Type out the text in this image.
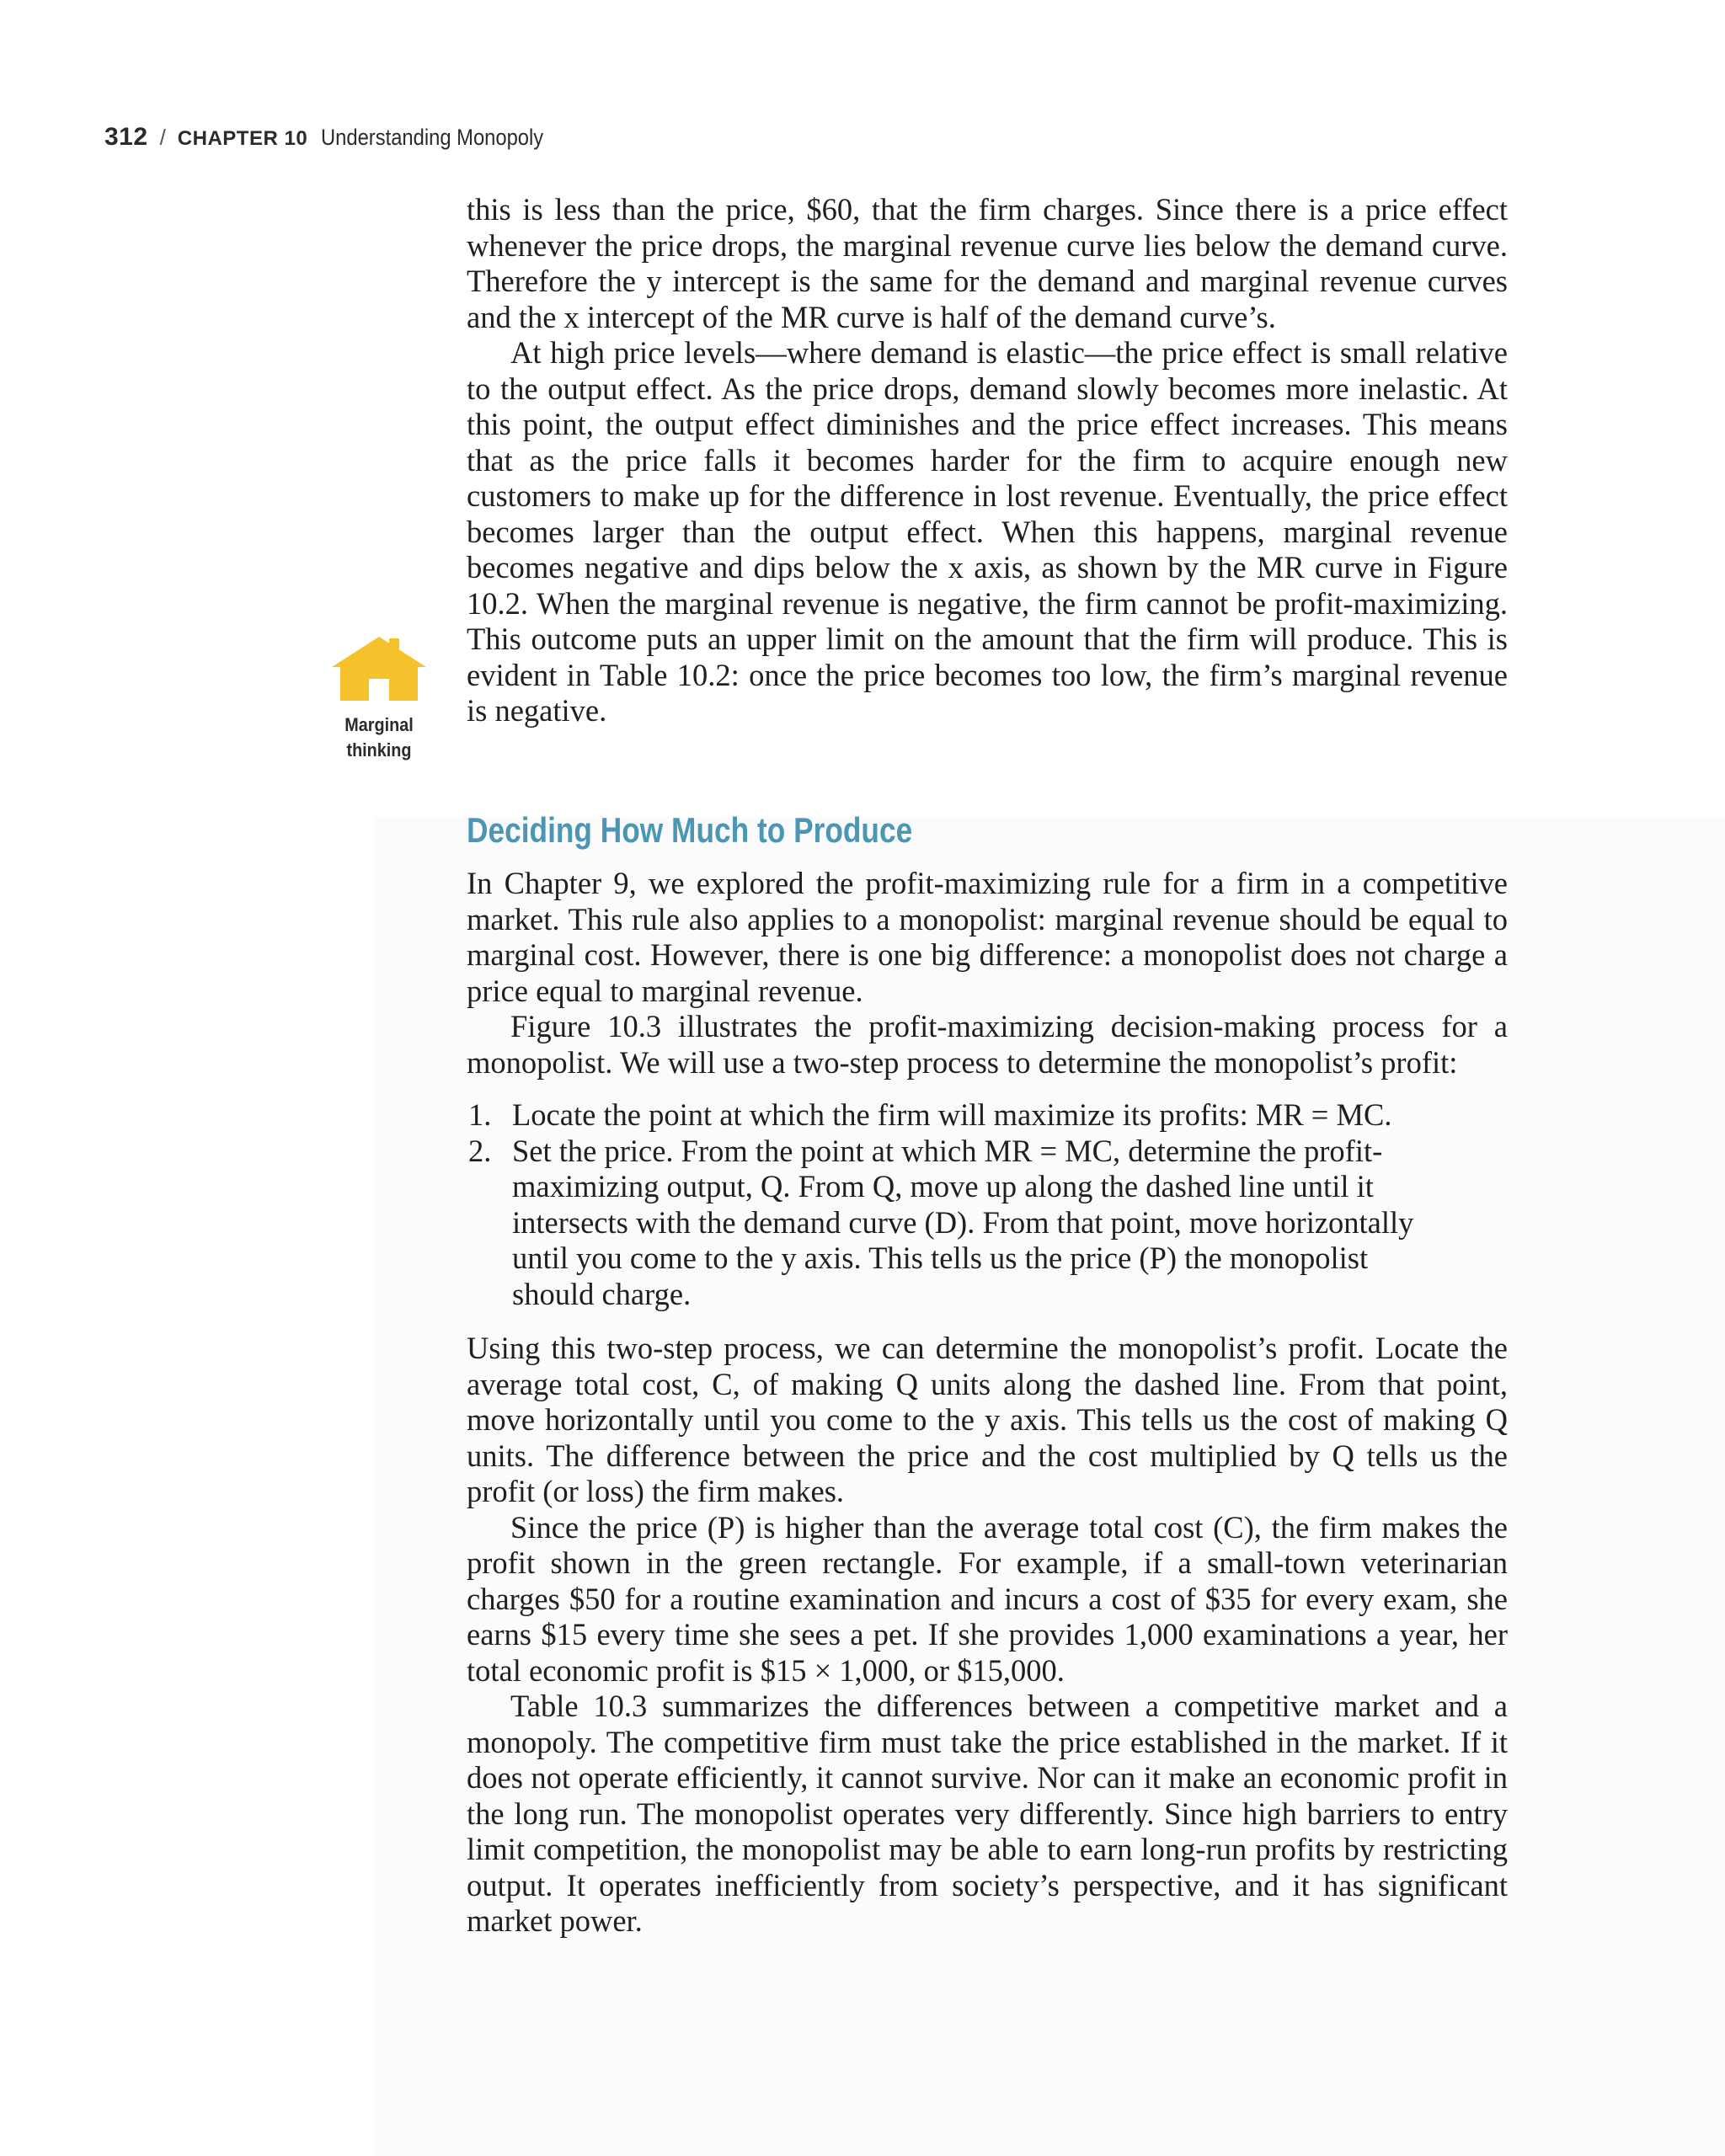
312 / CHAPTER 10 Understanding Monopoly
Marginal
thinking

this is less than the price, $60, that the firm charges. Since there is a price effect whenever the price drops, the marginal revenue curve lies below the demand curve. Therefore the y intercept is the same for the demand and marginal revenue curves and the x intercept of the MR curve is half of the demand curve’s.

At high price levels—where demand is elastic—the price effect is small relative to the output effect. As the price drops, demand slowly becomes more inelastic. At this point, the output effect diminishes and the price effect increases. This means that as the price falls it becomes harder for the firm to acquire enough new customers to make up for the difference in lost revenue. Eventually, the price effect becomes larger than the output effect. When this happens, marginal revenue becomes negative and dips below the x axis, as shown by the MR curve in Figure 10.2. When the marginal revenue is negative, the firm cannot be profit-maximizing. This outcome puts an upper limit on the amount that the firm will produce. This is evident in Table 10.2: once the price becomes too low, the firm’s marginal revenue is negative.

Deciding How Much to Produce

In Chapter 9, we explored the profit-maximizing rule for a firm in a competitive market. This rule also applies to a monopolist: marginal revenue should be equal to marginal cost. However, there is one big difference: a monopolist does not charge a price equal to marginal revenue.

Figure 10.3 illustrates the profit-maximizing decision-making process for a monopolist. We will use a two-step process to determine the monopolist’s profit:

1. Locate the point at which the firm will maximize its profits: MR = MC.
2. Set the price. From the point at which MR = MC, determine the profit-maximizing output, Q. From Q, move up along the dashed line until it intersects with the demand curve (D). From that point, move horizontally until you come to the y axis. This tells us the price (P) the monopolist should charge.

Using this two-step process, we can determine the monopolist’s profit. Locate the average total cost, C, of making Q units along the dashed line. From that point, move horizontally until you come to the y axis. This tells us the cost of making Q units. The difference between the price and the cost multiplied by Q tells us the profit (or loss) the firm makes.

Since the price (P) is higher than the average total cost (C), the firm makes the profit shown in the green rectangle. For example, if a small-town veterinarian charges $50 for a routine examination and incurs a cost of $35 for every exam, she earns $15 every time she sees a pet. If she provides 1,000 examinations a year, her total economic profit is $15 × 1,000, or $15,000.

Table 10.3 summarizes the differences between a competitive market and a monopoly. The competitive firm must take the price established in the market. If it does not operate efficiently, it cannot survive. Nor can it make an economic profit in the long run. The monopolist operates very differently. Since high barriers to entry limit competition, the monopolist may be able to earn long-run profits by restricting output. It operates inefficiently from society’s perspective, and it has significant market power.
